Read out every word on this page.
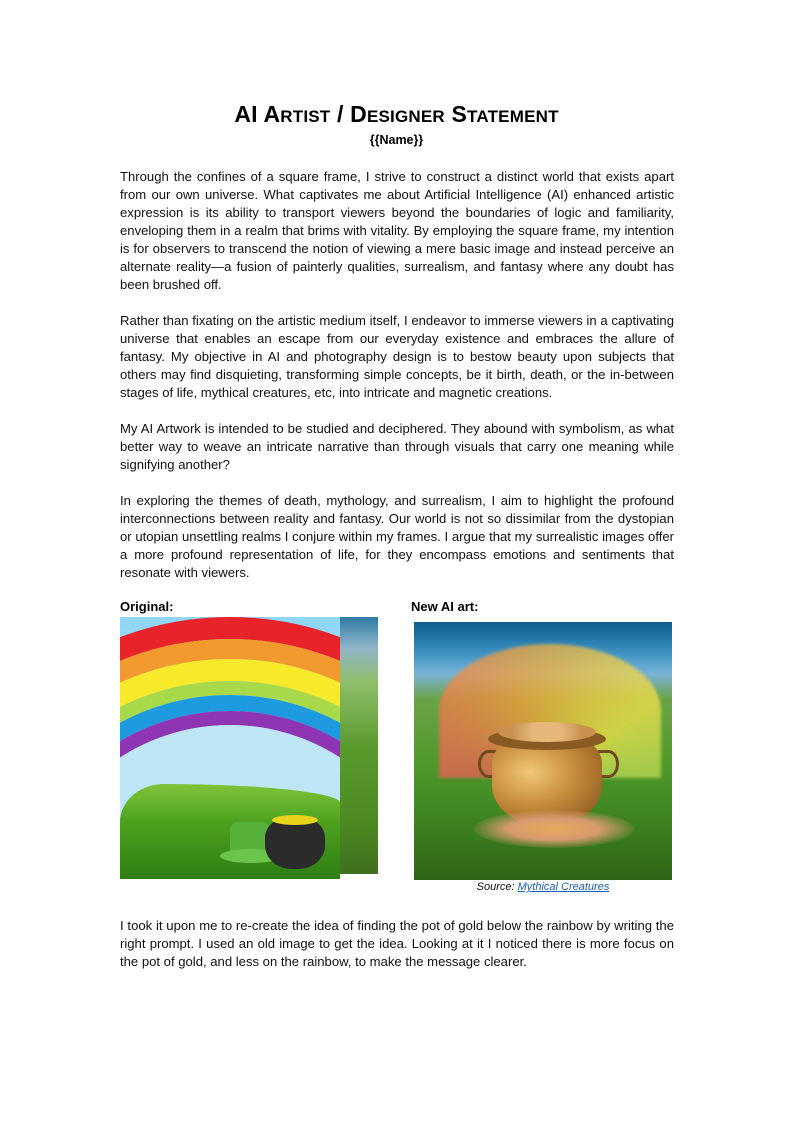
AI ARTIST / DESIGNER STATEMENT
{{Name}}

Through the confines of a square frame, I strive to construct a distinct world that exists apart from our own universe. What captivates me about Artificial Intelligence (AI) enhanced artistic expression is its ability to transport viewers beyond the boundaries of logic and familiarity, enveloping them in a realm that brims with vitality. By employing the square frame, my intention is for observers to transcend the notion of viewing a mere basic image and instead perceive an alternate reality—a fusion of painterly qualities, surrealism, and fantasy where any doubt has been brushed off.

Rather than fixating on the artistic medium itself, I endeavor to immerse viewers in a captivating universe that enables an escape from our everyday existence and embraces the allure of fantasy. My objective in AI and photography design is to bestow beauty upon subjects that others may find disquieting, transforming simple concepts, be it birth, death, or the in-between stages of life, mythical creatures, etc, into intricate and magnetic creations.

My AI Artwork is intended to be studied and deciphered. They abound with symbolism, as what better way to weave an intricate narrative than through visuals that carry one meaning while signifying another?

In exploring the themes of death, mythology, and surrealism, I aim to highlight the profound interconnections between reality and fantasy. Our world is not so dissimilar from the dystopian or utopian unsettling realms I conjure within my frames. I argue that my surrealistic images offer a more profound representation of life, for they encompass emotions and sentiments that resonate with viewers.

Original:	New AI art:
Source: Mythical Creatures

I took it upon me to re-create the idea of finding the pot of gold below the rainbow by writing the right prompt. I used an old image to get the idea. Looking at it I noticed there is more focus on the pot of gold, and less on the rainbow, to make the message clearer.
